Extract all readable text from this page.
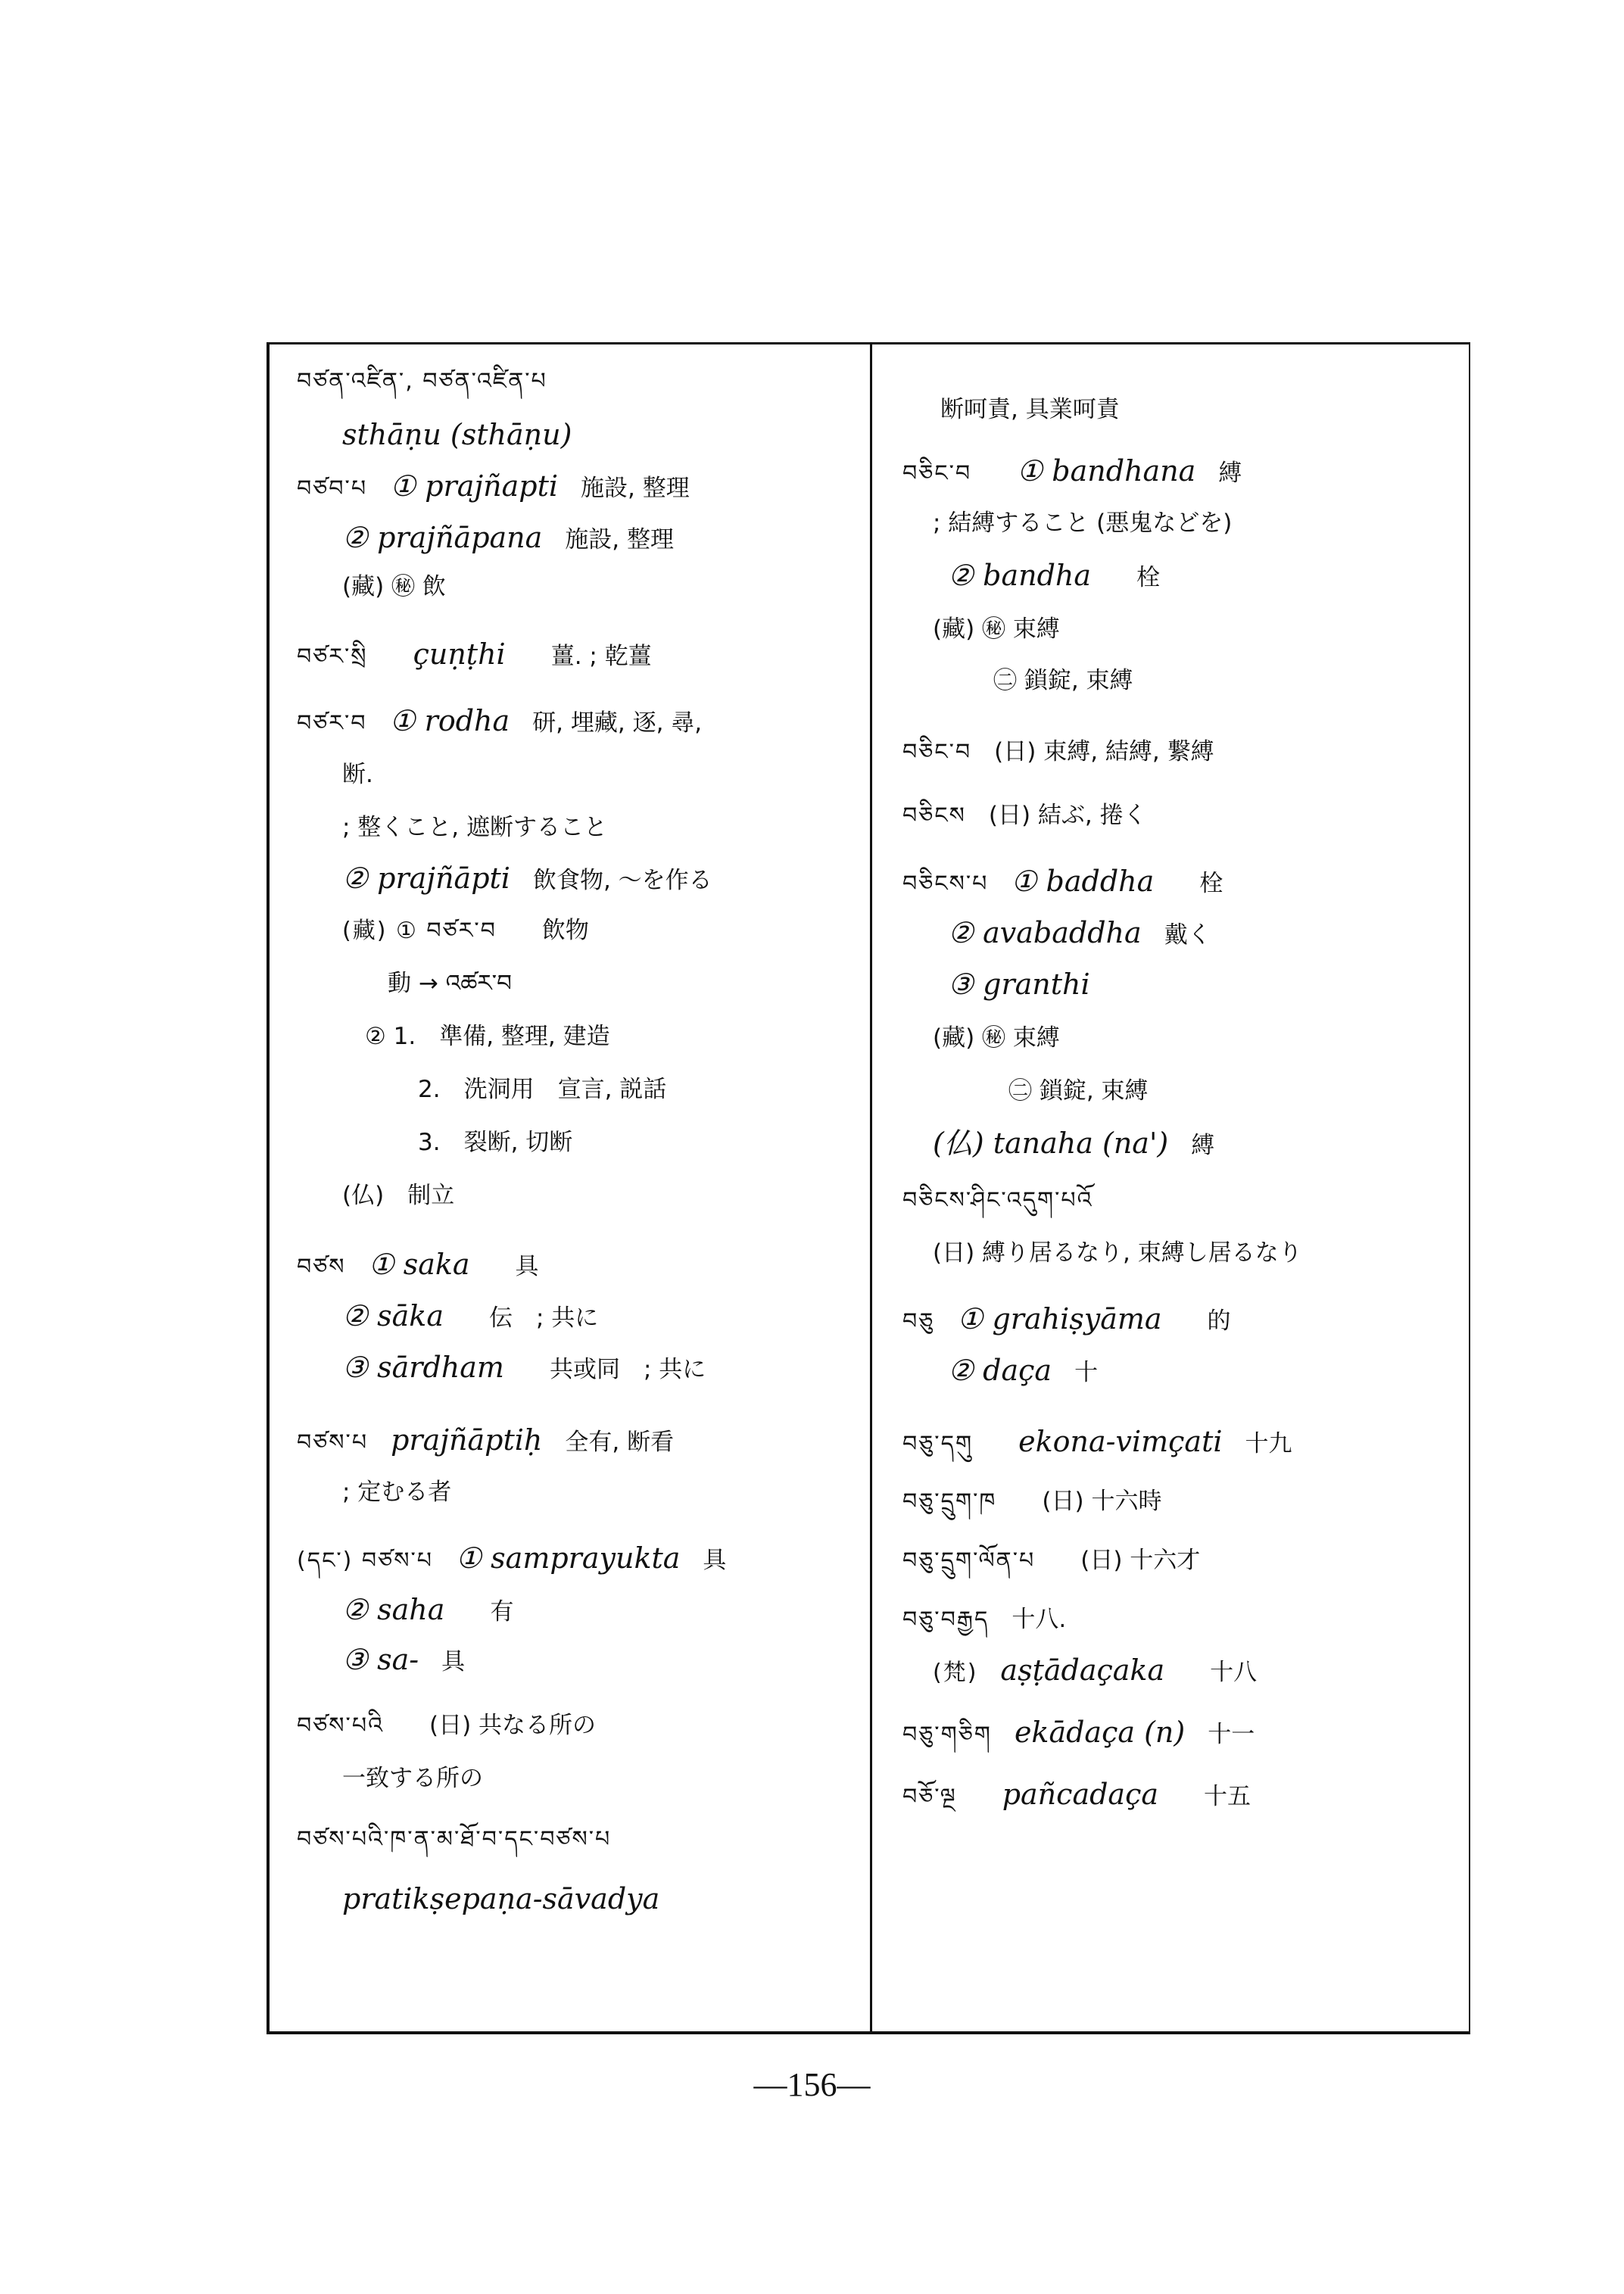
བཙན་འཛིན་, བཙན་འཛིན་པ
sthāṇu (sthāṇu)
བཙབ་པ ① prajñapti 施設, 整理
② prajñāpana 施設, 整理
(藏) ㊙ 飲
བཙར་སྲི çuṇṭhi 薑. ; 乾薑
བཙར་བ ① rodha 研, 埋藏, 逐, 尋,
断.
; 整くこと, 遮断すること
② prajñāpti 飲食物, ～を作る
(藏) ① བཙར་བ 飲物
動 → འཚར་བ
② 1.　準備, 整理, 建造
2.　洗洞用　宣言, 説話
3.　裂断, 切断
(仏)　制立
བཙས ① saka 具
② sāka 伝　; 共に
③ sārdham 共或同　; 共に
བཙས་པ prajñāptiḥ 全有, 断看
; 定むる者
(དང་) བཙས་པ ① samprayukta 具
② saha 有
③ sa- 具
བཙས་པའི (日) 共なる所の
一致する所の
བཙས་པའི་ཁ་ན་མ་ཐོ་བ་དང་བཙས་པ
pratikṣepaṇa-sāvadya
断呵責, 具業呵責
བཅིང་བ ① bandhana 縛
; 結縛すること (悪鬼などを)
② bandha 栓
(藏) ㊙ 束縛
㊁ 鎖錠, 束縛
བཅིང་བ (日) 束縛, 結縛, 繋縛
བཅིངས (日) 結ぶ, 捲く
བཅིངས་པ ① baddha 栓
② avabaddha 戴く
③ granthi
(藏) ㊙ 束縛
㊁ 鎖錠, 束縛
(仏) tanaha (na') 縛
བཅིངས་ཤིང་འདུག་པའོ
(日) 縛り居るなり, 束縛し居るなり
བཅུ ① grahiṣyāma 的
② daça 十
བཅུ་དགུ ekona-vimçati 十九
བཅུ་དྲུག་ཁ (日) 十六時
བཅུ་དྲུག་ལོན་པ (日) 十六才
བཅུ་བརྒྱད 十八.
(梵) aṣṭādaçaka 十八
བཅུ་གཅིག ekādaça (n) 十一
བཅོ་ལྔ pañcadaça 十五
—156—
